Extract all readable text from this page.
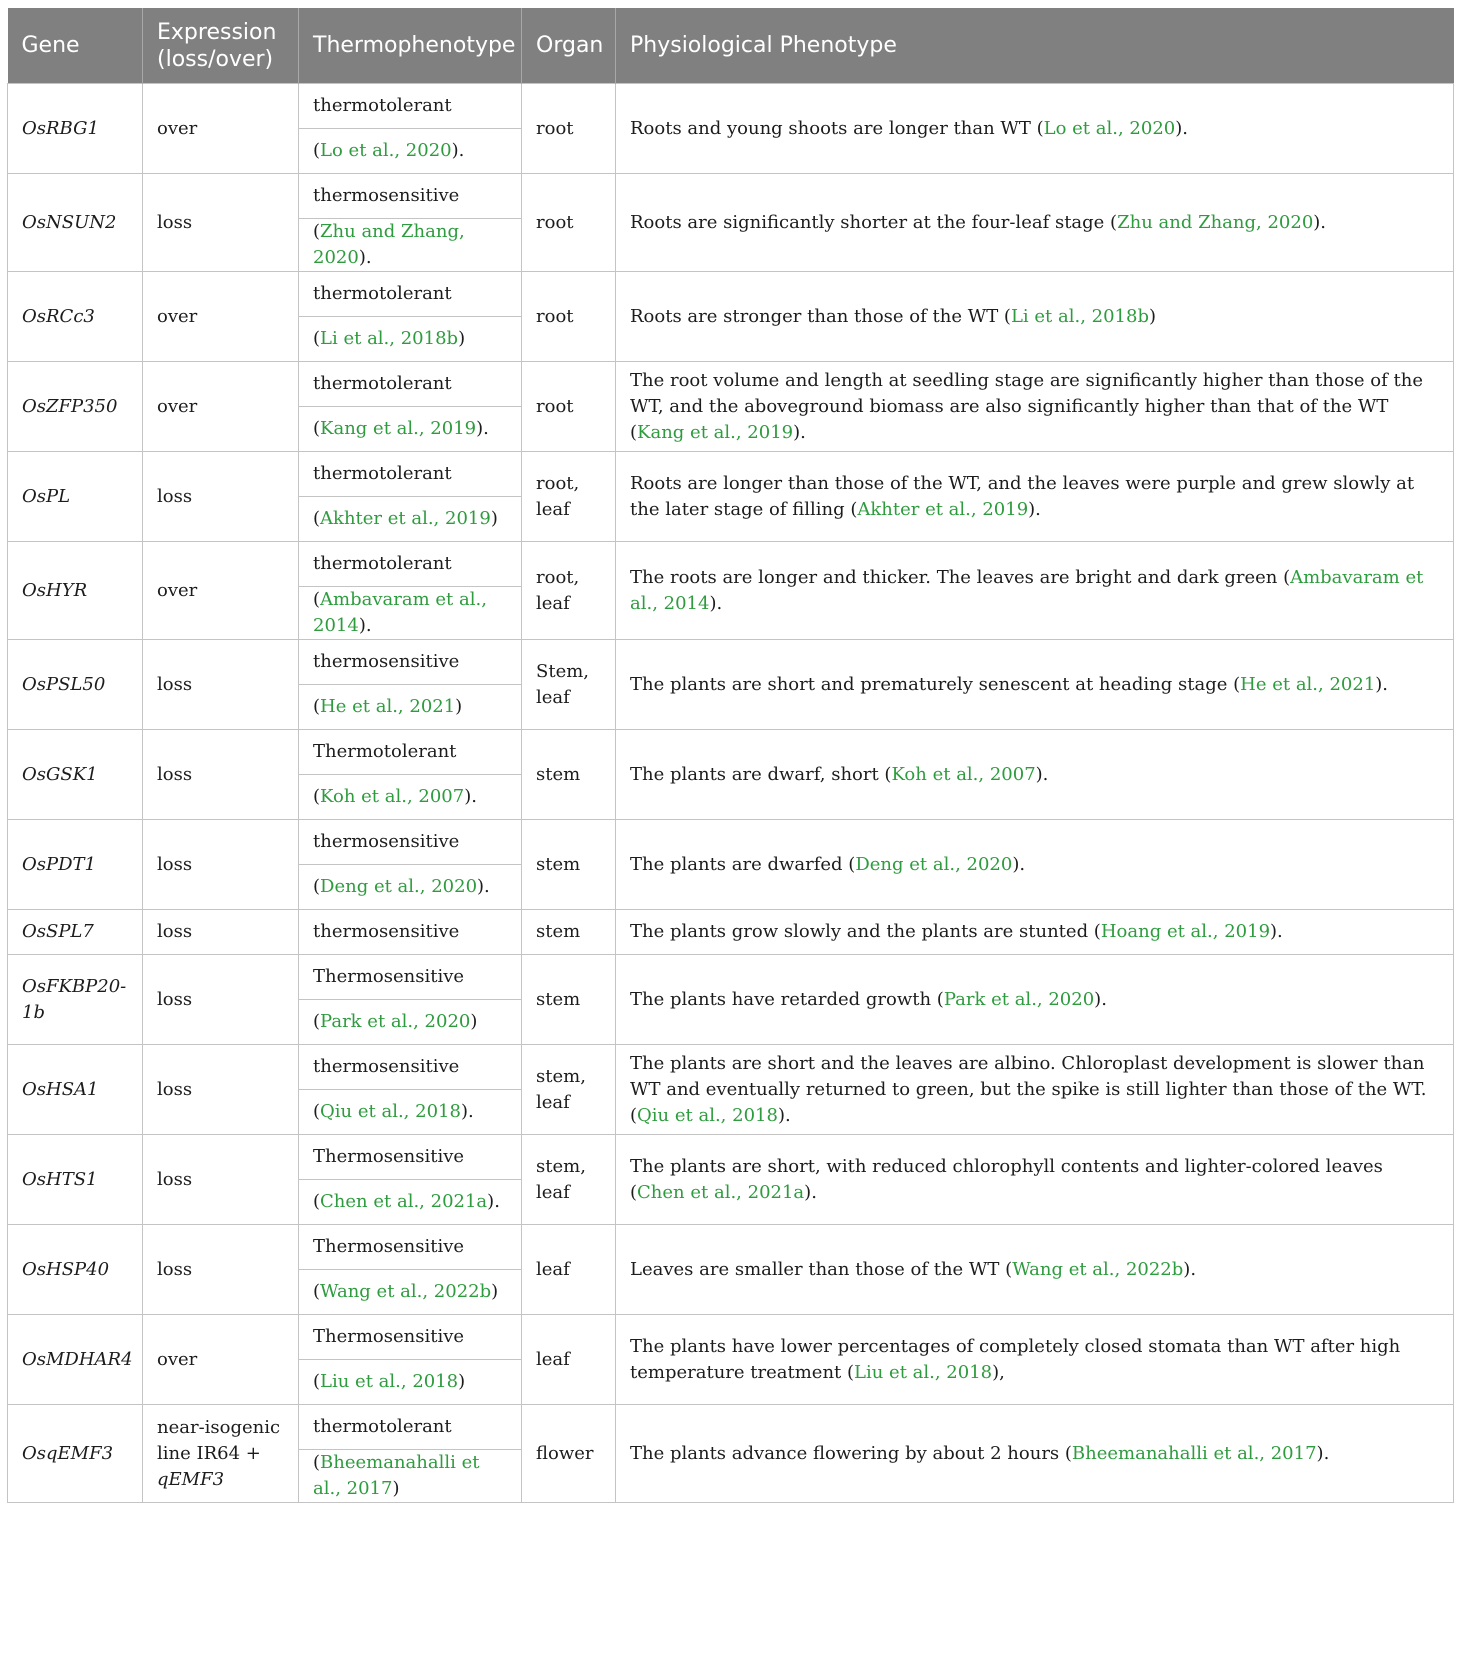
Gene	Expression (loss/over)	Thermophenotype	Organ	Physiological Phenotype
OsRBG1	over	thermotolerant	root	Roots and young shoots are longer than WT (Lo et al., 2020).
		(Lo et al., 2020).		
OsNSUN2	loss	thermosensitive	root	Roots are significantly shorter at the four-leaf stage (Zhu and Zhang, 2020).
		(Zhu and Zhang, 2020).		
OsRCc3	over	thermotolerant	root	Roots are stronger than those of the WT (Li et al., 2018b)
		(Li et al., 2018b)		
OsZFP350	over	thermotolerant	root	The root volume and length at seedling stage are significantly higher than those of the WT, and the aboveground biomass are also significantly higher than that of the WT (Kang et al., 2019).
		(Kang et al., 2019).		
OsPL	loss	thermotolerant	root, leaf	Roots are longer than those of the WT, and the leaves were purple and grew slowly at the later stage of filling (Akhter et al., 2019).
		(Akhter et al., 2019)		
OsHYR	over	thermotolerant	root, leaf	The roots are longer and thicker. The leaves are bright and dark green (Ambavaram et al., 2014).
		(Ambavaram et al., 2014).		
OsPSL50	loss	thermosensitive	Stem, leaf	The plants are short and prematurely senescent at heading stage (He et al., 2021).
		(He et al., 2021)		
OsGSK1	loss	Thermotolerant	stem	The plants are dwarf, short (Koh et al., 2007).
		(Koh et al., 2007).		
OsPDT1	loss	thermosensitive	stem	The plants are dwarfed (Deng et al., 2020).
		(Deng et al., 2020).		
OsSPL7	loss	thermosensitive	stem	The plants grow slowly and the plants are stunted (Hoang et al., 2019).
OsFKBP20-1b	loss	Thermosensitive	stem	The plants have retarded growth (Park et al., 2020).
		(Park et al., 2020)		
OsHSA1	loss	thermosensitive	stem, leaf	The plants are short and the leaves are albino. Chloroplast development is slower than WT and eventually returned to green, but the spike is still lighter than those of the WT. (Qiu et al., 2018).
		(Qiu et al., 2018).		
OsHTS1	loss	Thermosensitive	stem, leaf	The plants are short, with reduced chlorophyll contents and lighter-colored leaves (Chen et al., 2021a).
		(Chen et al., 2021a).		
OsHSP40	loss	Thermosensitive	leaf	Leaves are smaller than those of the WT (Wang et al., 2022b).
		(Wang et al., 2022b)		
OsMDHAR4	over	Thermosensitive	leaf	The plants have lower percentages of completely closed stomata than WT after high temperature treatment (Liu et al., 2018),
		(Liu et al., 2018)		
OsqEMF3	near-isogenic line IR64 + qEMF3	thermotolerant	flower	The plants advance flowering by about 2 hours (Bheemanahalli et al., 2017).
		(Bheemanahalli et al., 2017)		
